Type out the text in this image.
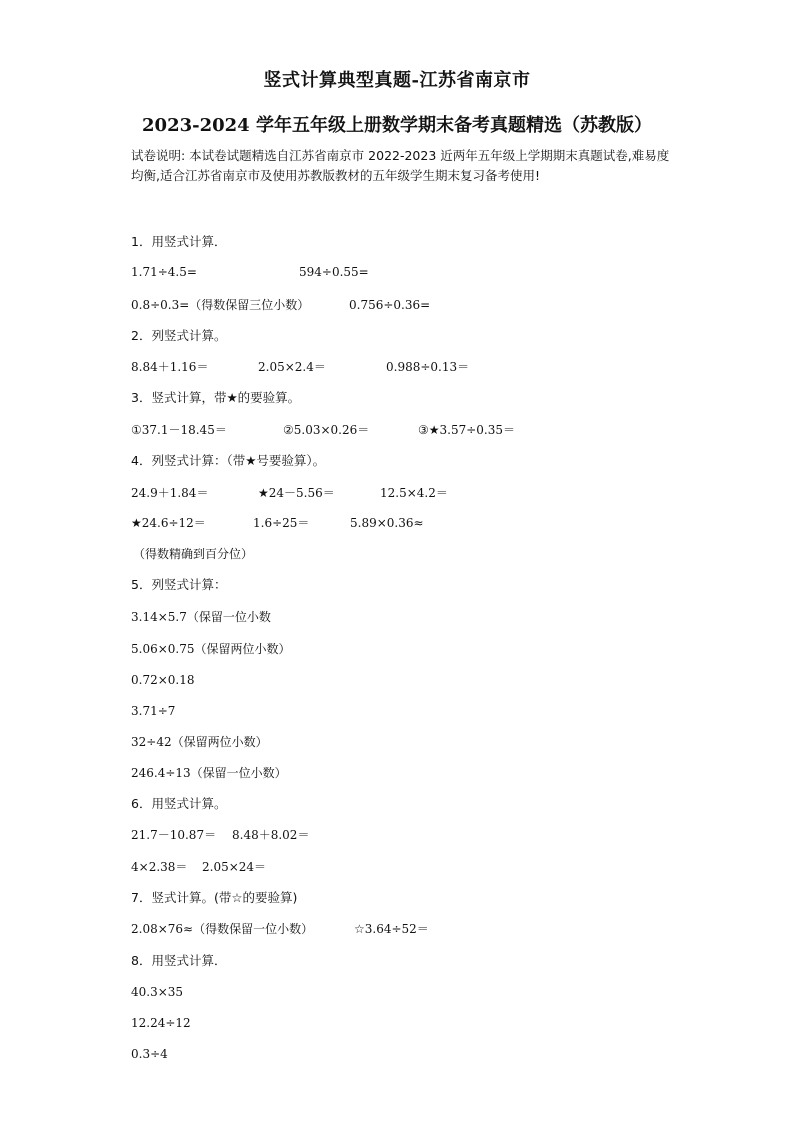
竖式计算典型真题-江苏省南京市
2023-2024 学年五年级上册数学期末备考真题精选（苏教版）
试卷说明: 本试卷试题精选自江苏省南京市 2022-2023 近两年五年级上学期期末真题试卷,难易度均衡,适合江苏省南京市及使用苏教版教材的五年级学生期末复习备考使用!
1．用竖式计算．
1.71÷4.5=	594÷0.55=
0.8÷0.3=（得数保留三位小数）	0.756÷0.36=
2．列竖式计算。
8.84＋1.16＝	2.05×2.4＝	0.988÷0.13＝
3．竖式计算，带★的要验算。
①37.1－18.45＝	②5.03×0.26＝	③★3.57÷0.35＝
4．列竖式计算：（带★号要验算）。
24.9＋1.84＝	★24－5.56＝	12.5×4.2＝
★24.6÷12＝	1.6÷25＝	5.89×0.36≈
（得数精确到百分位）
5．列竖式计算：
3.14×5.7（保留一位小数
5.06×0.75（保留两位小数）
0.72×0.18
3.71÷7
32÷42（保留两位小数）
246.4÷13（保留一位小数）
6．用竖式计算。
21.7－10.87＝ 8.48＋8.02＝
4×2.38＝ 2.05×24＝
7．竖式计算。(带☆的要验算)
2.08×76≈（得数保留一位小数）	☆3.64÷52＝
8．用竖式计算．
40.3×35
12.24÷12
0.3÷4
